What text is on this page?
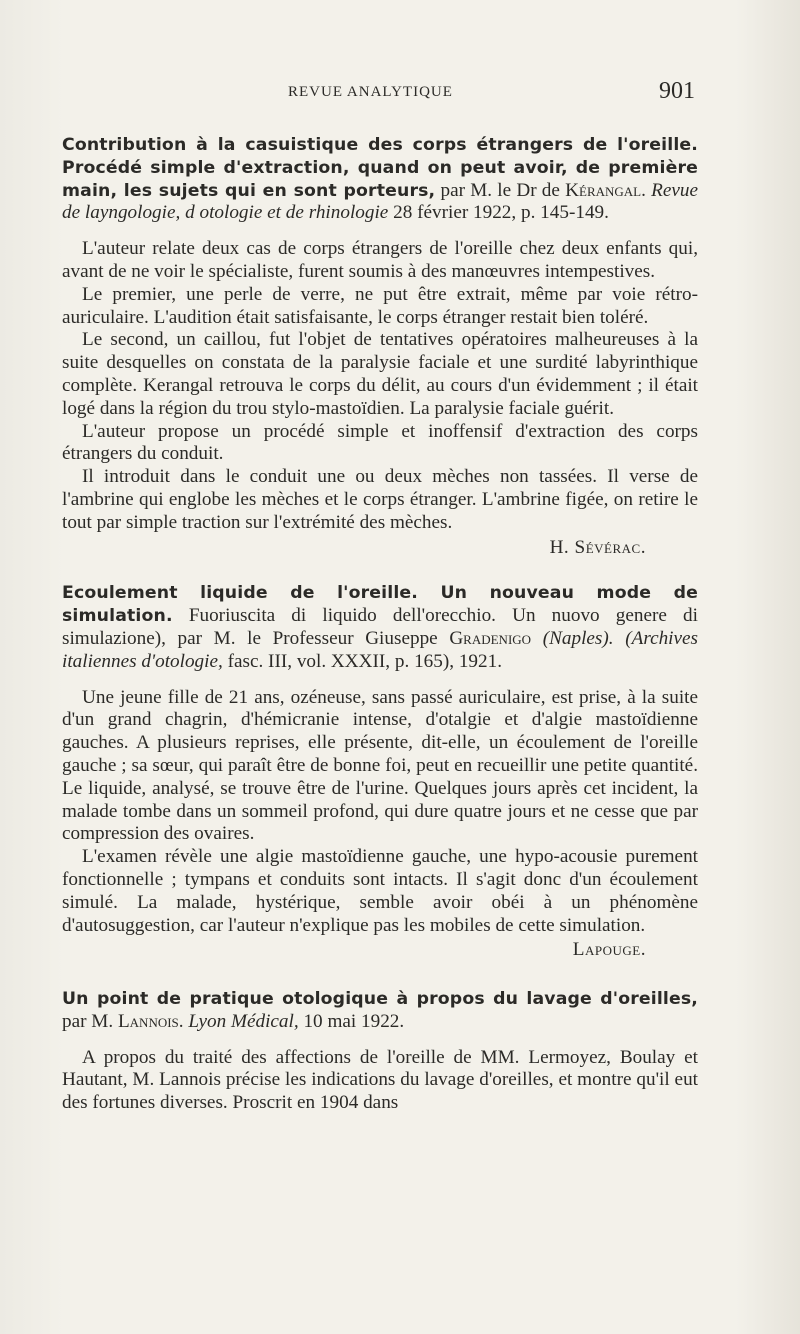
REVUE ANALYTIQUE	901

Contribution à la casuistique des corps étrangers de l'oreille. Procédé simple d'extraction, quand on peut avoir, de première main, les sujets qui en sont porteurs, par M. le Dr de Kérangal. Revue de layngologie, d otologie et de rhinologie 28 février 1922, p. 145-149.

L'auteur relate deux cas de corps étrangers de l'oreille chez deux enfants qui, avant de ne voir le spécialiste, furent soumis à des manœuvres intempestives.

Le premier, une perle de verre, ne put être extrait, même par voie rétro-auriculaire. L'audition était satisfaisante, le corps étranger restait bien toléré.

Le second, un caillou, fut l'objet de tentatives opératoires malheureuses à la suite desquelles on constata de la paralysie faciale et une surdité labyrinthique complète. Kerangal retrouva le corps du délit, au cours d'un évidemment ; il était logé dans la région du trou stylo-mastoïdien. La paralysie faciale guérit.

L'auteur propose un procédé simple et inoffensif d'extraction des corps étrangers du conduit.

Il introduit dans le conduit une ou deux mèches non tassées. Il verse de l'ambrine qui englobe les mèches et le corps étranger. L'ambrine figée, on retire le tout par simple traction sur l'extrémité des mèches.

H. Sévérac.

Ecoulement liquide de l'oreille. Un nouveau mode de simulation. Fuoriuscita di liquido dell'orecchio. Un nuovo genere di simulazione), par M. le Professeur Giuseppe Gradenigo (Naples). (Archives italiennes d'otologie, fasc. III, vol. XXXII, p. 165), 1921.

Une jeune fille de 21 ans, ozéneuse, sans passé auriculaire, est prise, à la suite d'un grand chagrin, d'hémicranie intense, d'otalgie et d'algie mastoïdienne gauches. A plusieurs reprises, elle présente, dit-elle, un écoulement de l'oreille gauche ; sa sœur, qui paraît être de bonne foi, peut en recueillir une petite quantité. Le liquide, analysé, se trouve être de l'urine. Quelques jours après cet incident, la malade tombe dans un sommeil profond, qui dure quatre jours et ne cesse que par compression des ovaires.

L'examen révèle une algie mastoïdienne gauche, une hypo-acousie purement fonctionnelle ; tympans et conduits sont intacts. Il s'agit donc d'un écoulement simulé. La malade, hystérique, semble avoir obéi à un phénomène d'autosuggestion, car l'auteur n'explique pas les mobiles de cette simulation.

Lapouge.

Un point de pratique otologique à propos du lavage d'oreilles, par M. Lannois. Lyon Médical, 10 mai 1922.

A propos du traité des affections de l'oreille de MM. Lermoyez, Boulay et Hautant, M. Lannois précise les indications du lavage d'oreilles, et montre qu'il eut des fortunes diverses. Proscrit en 1904 dans
